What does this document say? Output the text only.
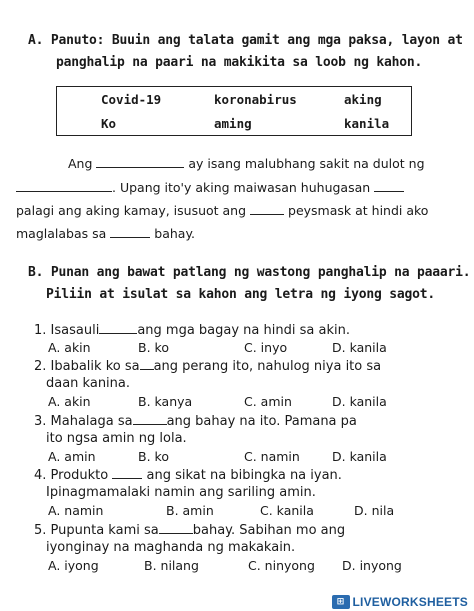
A. Panuto: Buuin ang talata gamit ang mga paksa, layon at
panghalip na paari na makikita sa loob ng kahon.
Covid-19	koronabirus	aking
Ko	aming	kanila
Ang	ay isang malubhang sakit na dulot ng
. Upang ito'y aking maiwasan huhugasan
palagi ang aking kamay, isusuot ang	peysmask at hindi ako
maglalabas sa	bahay.
B. Punan ang bawat patlang ng wastong panghalip na paaari.
Piliin at isulat sa kahon ang letra ng iyong sagot.
1. Isasauli	ang mga bagay na hindi sa akin.
A. akin	B. ko	C. inyo	D. kanila
2. Ibabalik ko sa ang perang ito, nahulog niya ito sa
daan kanina.
A. akin	B. kanya	C. amin	D. kanila
3. Mahalaga sa	ang bahay na ito. Pamana pa
ito ngsa amin ng lola.
A. amin	B. ko	C. namin	D. kanila
4. Produkto	ang sikat na bibingka na iyan.
Ipinagmamalaki namin ang sariling amin.
A. namin	B. amin	C. kanila	D. nila
5. Pupunta kami sa	bahay. Sabihan mo ang
iyonginay na maghanda ng makakain.
A. iyong	B. nilang	C. ninyong D. inyong
⊞ LIVEWORKSHEETS
